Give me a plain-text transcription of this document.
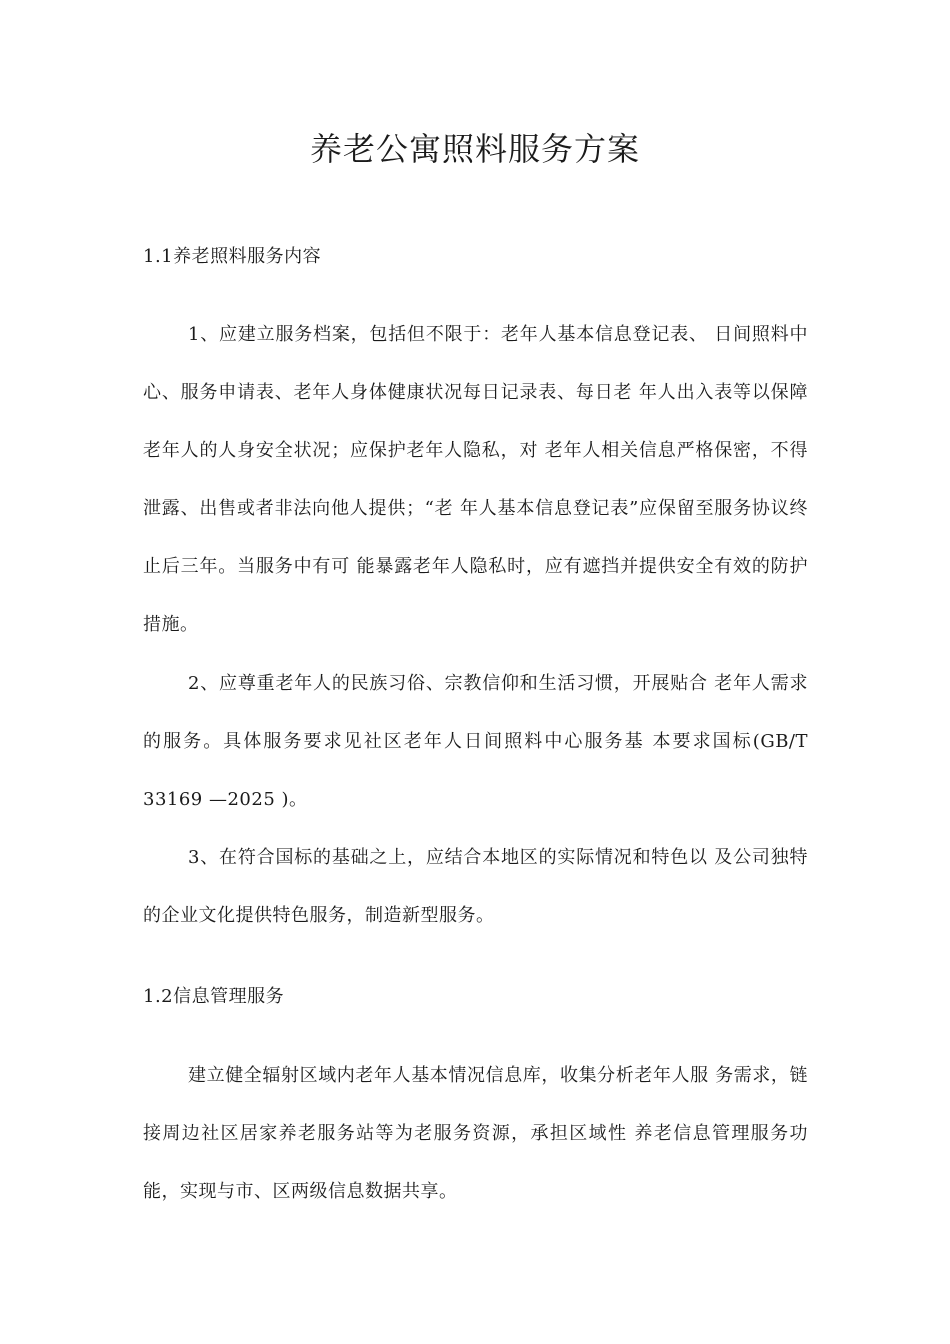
养老公寓照料服务方案
1.1养老照料服务内容

1、应建立服务档案，包括但不限于：老年人基本信息登记表、 日间照料中心、服务申请表、老年人身体健康状况每日记录表、每日老 年人出入表等以保障老年人的人身安全状况；应保护老年人隐私，对 老年人相关信息严格保密，不得泄露、出售或者非法向他人提供；“老 年人基本信息登记表”应保留至服务协议终止后三年。当服务中有可 能暴露老年人隐私时，应有遮挡并提供安全有效的防护措施。

2、应尊重老年人的民族习俗、宗教信仰和生活习惯，开展贴合 老年人需求的服务。具体服务要求见社区老年人日间照料中心服务基 本要求国标(GB/T 33169 —2025 )。

3、在符合国标的基础之上，应结合本地区的实际情况和特色以 及公司独特的企业文化提供特色服务，制造新型服务。

1.2信息管理服务

建立健全辐射区域内老年人基本情况信息库，收集分析老年人服 务需求，链接周边社区居家养老服务站等为老服务资源，承担区域性 养老信息管理服务功能，实现与市、区两级信息数据共享。
